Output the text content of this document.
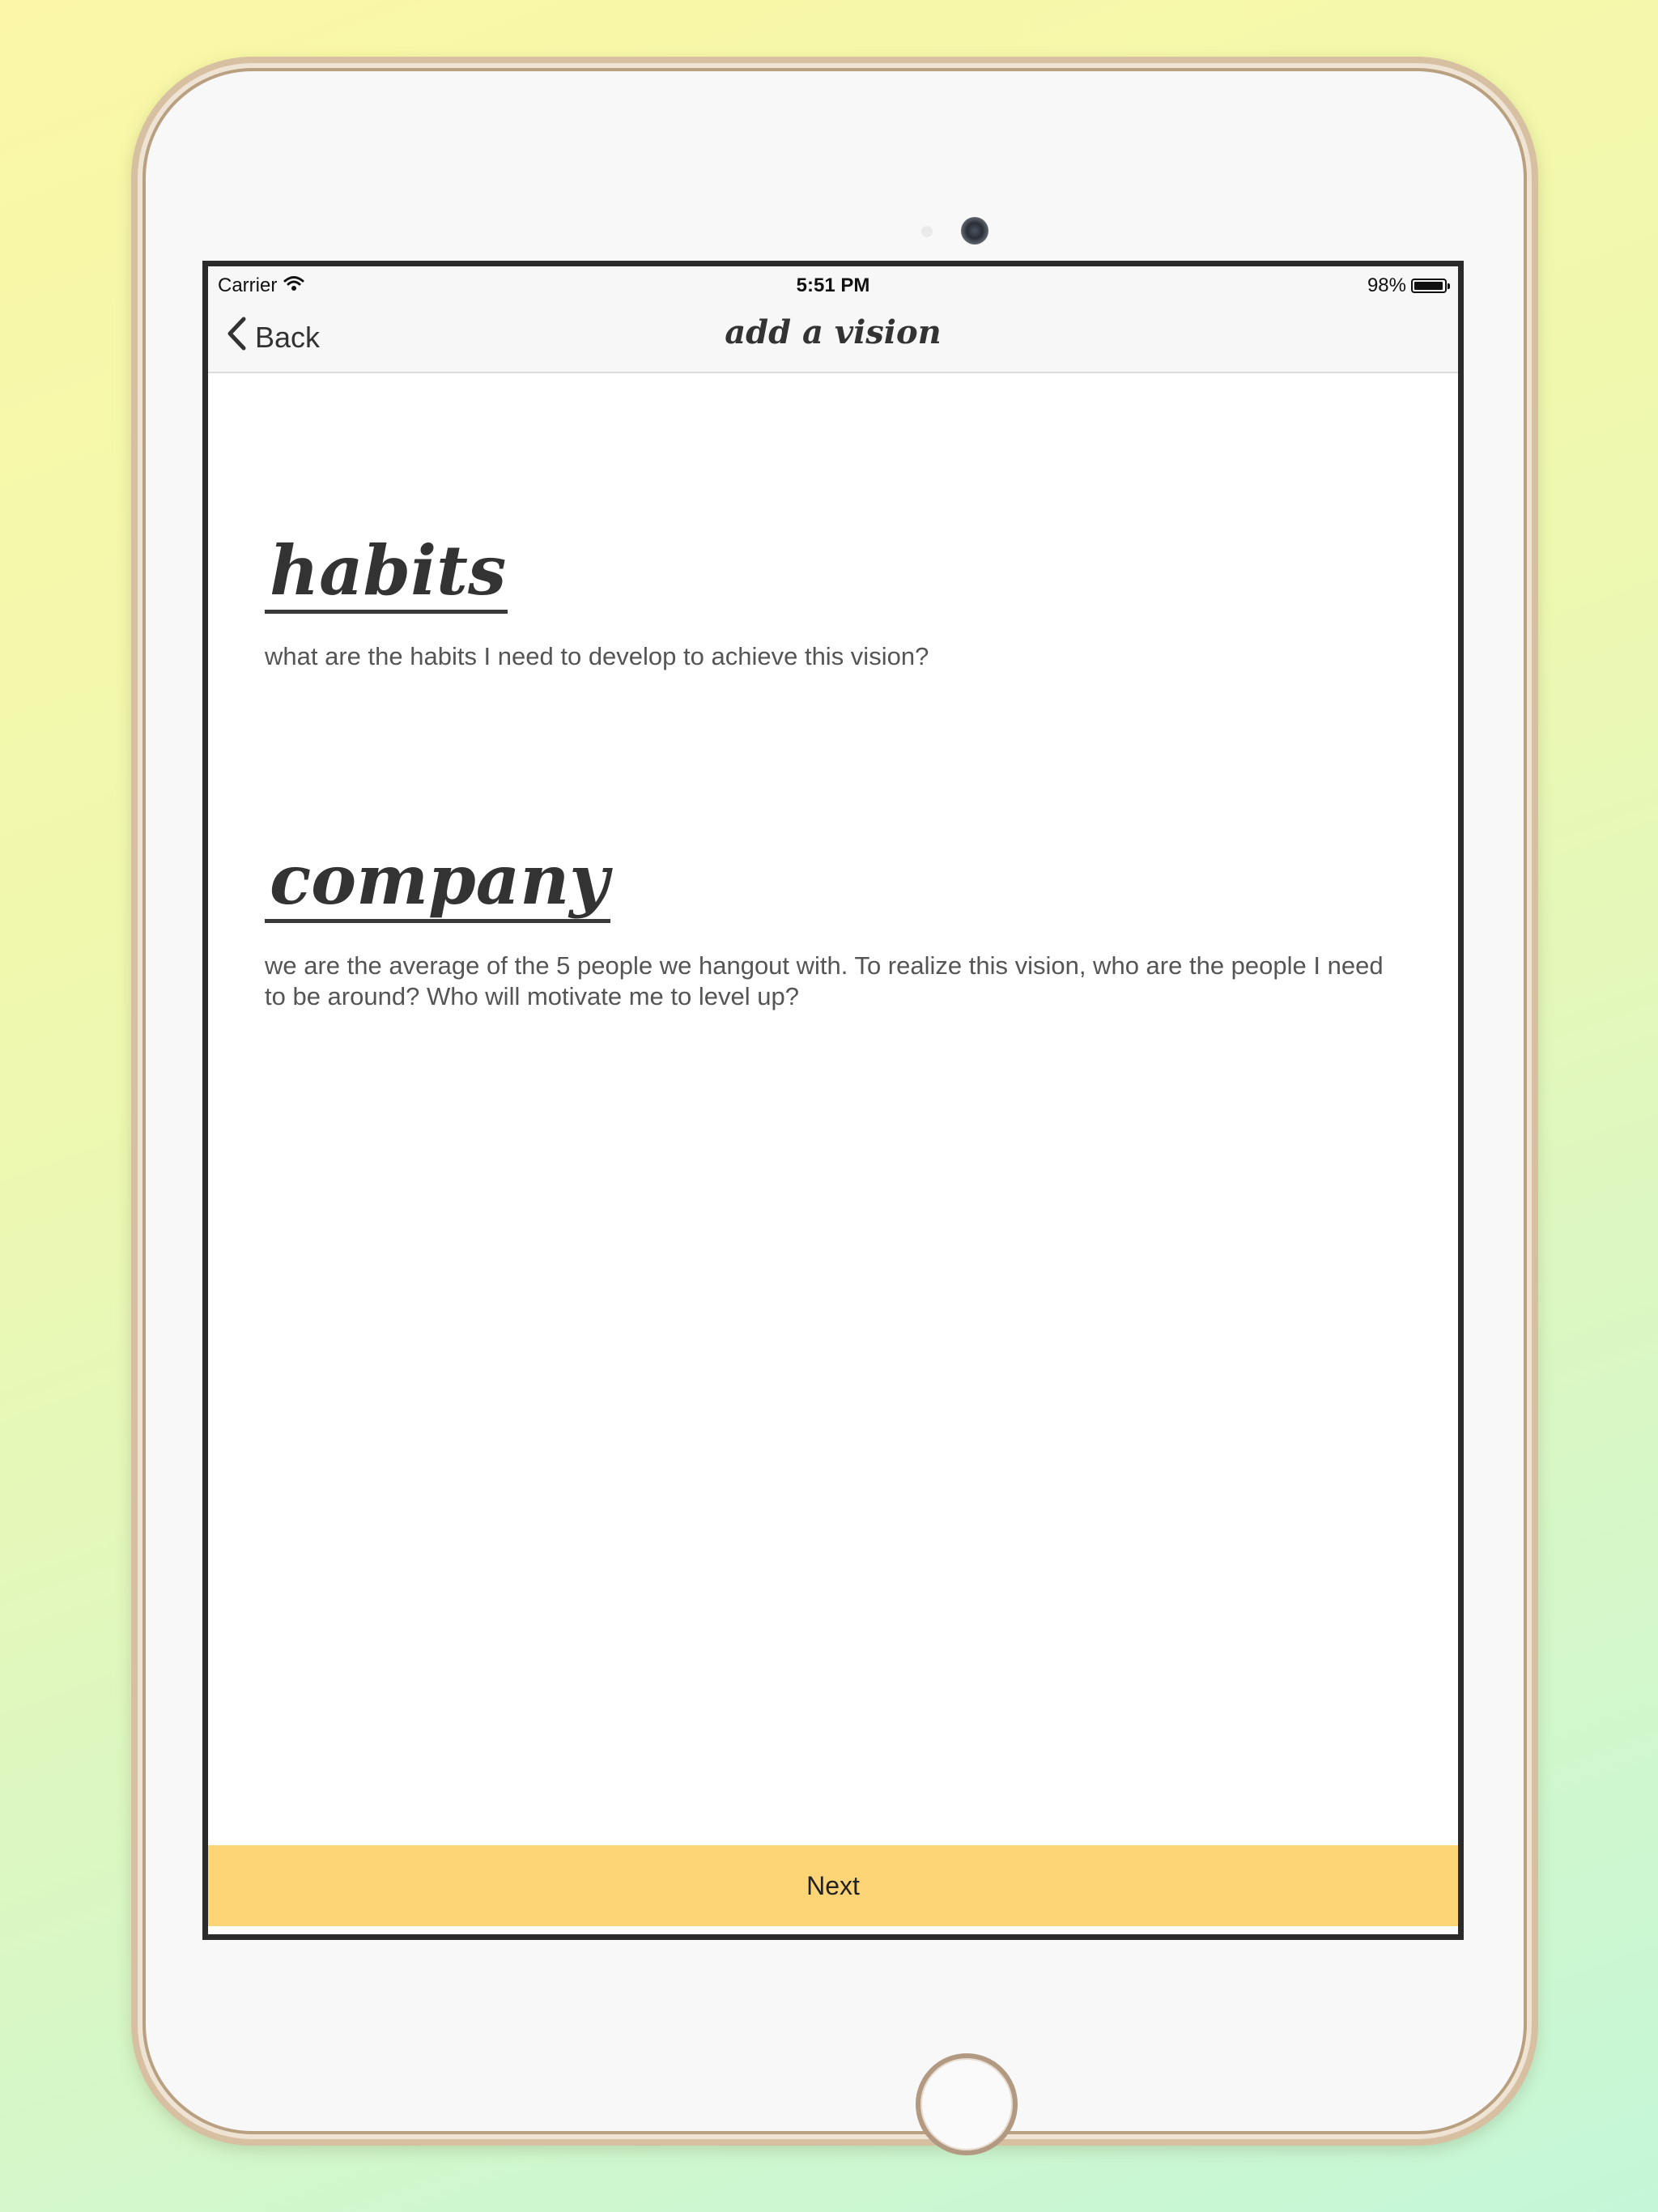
Carrier	5:51 PM	98%
Back	add a vision
habits
what are the habits I need to develop to achieve this vision?
company
we are the average of the 5 people we hangout with. To realize this vision, who are the people I need to be around? Who will motivate me to level up?
Next
